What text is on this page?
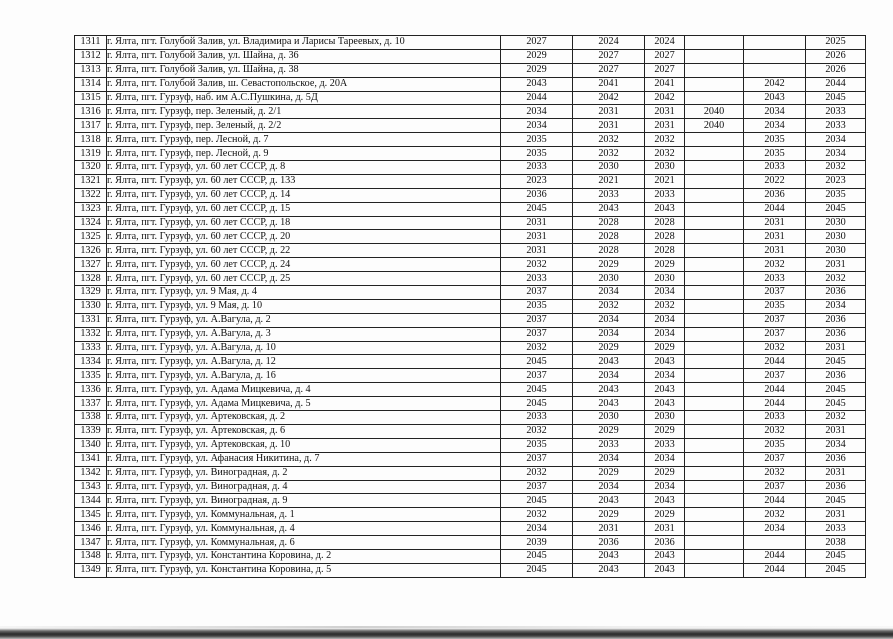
1311	г. Ялта, пгт. Голубой Залив, ул. Владимира и Ларисы Тареевых, д. 10	2027	2024	2024			2025
1312	г. Ялта, пгт. Голубой Залив, ул. Шайна, д. 36	2029	2027	2027			2026
1313	г. Ялта, пгт. Голубой Залив, ул. Шайна, д. 38	2029	2027	2027			2026
1314	г. Ялта, пгт. Голубой Залив, ш. Севастопольское, д. 20А	2043	2041	2041		2042	2044
1315	г. Ялта, пгт. Гурзуф, наб. им А.С.Пушкина, д. 5Д	2044	2042	2042		2043	2045
1316	г. Ялта, пгт. Гурзуф, пер. Зеленый, д. 2/1	2034	2031	2031	2040	2034	2033
1317	г. Ялта, пгт. Гурзуф, пер. Зеленый, д. 2/2	2034	2031	2031	2040	2034	2033
1318	г. Ялта, пгт. Гурзуф, пер. Лесной, д. 7	2035	2032	2032		2035	2034
1319	г. Ялта, пгт. Гурзуф, пер. Лесной, д. 9	2035	2032	2032		2035	2034
1320	г. Ялта, пгт. Гурзуф, ул. 60 лет СССР, д. 8	2033	2030	2030		2033	2032
1321	г. Ялта, пгт. Гурзуф, ул. 60 лет СССР, д. 133	2023	2021	2021		2022	2023
1322	г. Ялта, пгт. Гурзуф, ул. 60 лет СССР, д. 14	2036	2033	2033		2036	2035
1323	г. Ялта, пгт. Гурзуф, ул. 60 лет СССР, д. 15	2045	2043	2043		2044	2045
1324	г. Ялта, пгт. Гурзуф, ул. 60 лет СССР, д. 18	2031	2028	2028		2031	2030
1325	г. Ялта, пгт. Гурзуф, ул. 60 лет СССР, д. 20	2031	2028	2028		2031	2030
1326	г. Ялта, пгт. Гурзуф, ул. 60 лет СССР, д. 22	2031	2028	2028		2031	2030
1327	г. Ялта, пгт. Гурзуф, ул. 60 лет СССР, д. 24	2032	2029	2029		2032	2031
1328	г. Ялта, пгт. Гурзуф, ул. 60 лет СССР, д. 25	2033	2030	2030		2033	2032
1329	г. Ялта, пгт. Гурзуф, ул. 9 Мая, д. 4	2037	2034	2034		2037	2036
1330	г. Ялта, пгт. Гурзуф, ул. 9 Мая, д. 10	2035	2032	2032		2035	2034
1331	г. Ялта, пгт. Гурзуф, ул. А.Вагула, д. 2	2037	2034	2034		2037	2036
1332	г. Ялта, пгт. Гурзуф, ул. А.Вагула, д. 3	2037	2034	2034		2037	2036
1333	г. Ялта, пгт. Гурзуф, ул. А.Вагула, д. 10	2032	2029	2029		2032	2031
1334	г. Ялта, пгт. Гурзуф, ул. А.Вагула, д. 12	2045	2043	2043		2044	2045
1335	г. Ялта, пгт. Гурзуф, ул. А.Вагула, д. 16	2037	2034	2034		2037	2036
1336	г. Ялта, пгт. Гурзуф, ул. Адама Мицкевича, д. 4	2045	2043	2043		2044	2045
1337	г. Ялта, пгт. Гурзуф, ул. Адама Мицкевича, д. 5	2045	2043	2043		2044	2045
1338	г. Ялта, пгт. Гурзуф, ул. Артековская, д. 2	2033	2030	2030		2033	2032
1339	г. Ялта, пгт. Гурзуф, ул. Артековская, д. 6	2032	2029	2029		2032	2031
1340	г. Ялта, пгт. Гурзуф, ул. Артековская, д. 10	2035	2033	2033		2035	2034
1341	г. Ялта, пгт. Гурзуф, ул. Афанасия Никитина, д. 7	2037	2034	2034		2037	2036
1342	г. Ялта, пгт. Гурзуф, ул. Виноградная, д. 2	2032	2029	2029		2032	2031
1343	г. Ялта, пгт. Гурзуф, ул. Виноградная, д. 4	2037	2034	2034		2037	2036
1344	г. Ялта, пгт. Гурзуф, ул. Виноградная, д. 9	2045	2043	2043		2044	2045
1345	г. Ялта, пгт. Гурзуф, ул. Коммунальная, д. 1	2032	2029	2029		2032	2031
1346	г. Ялта, пгт. Гурзуф, ул. Коммунальная, д. 4	2034	2031	2031		2034	2033
1347	г. Ялта, пгт. Гурзуф, ул. Коммунальная, д. 6	2039	2036	2036			2038
1348	г. Ялта, пгт. Гурзуф, ул. Константина Коровина, д. 2	2045	2043	2043		2044	2045
1349	г. Ялта, пгт. Гурзуф, ул. Константина Коровина, д. 5	2045	2043	2043		2044	2045
